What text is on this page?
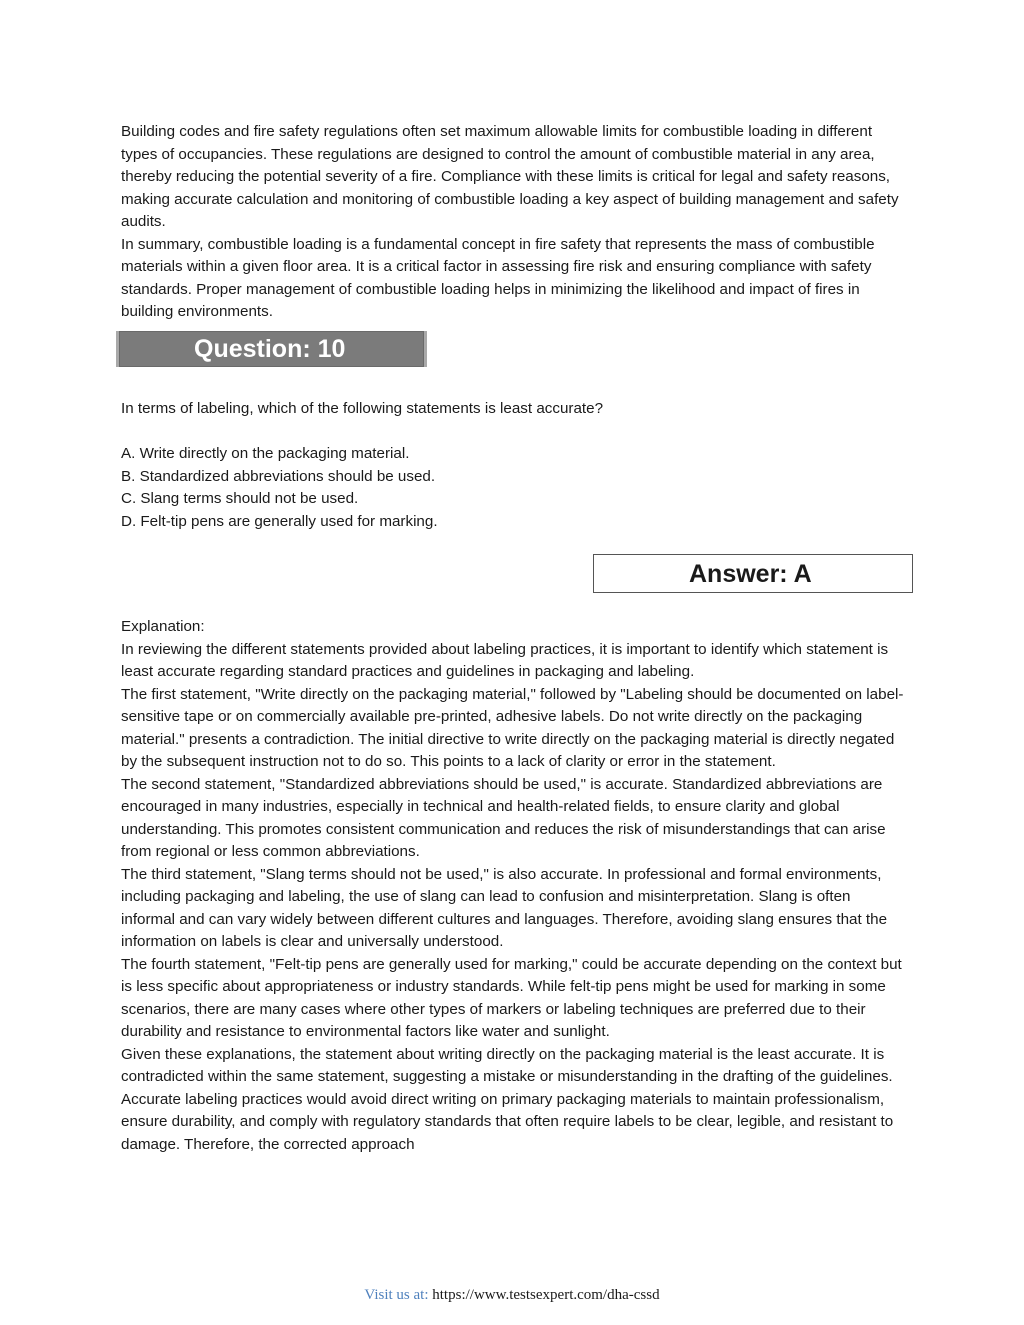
Building codes and fire safety regulations often set maximum allowable limits for combustible loading in different types of occupancies. These regulations are designed to control the amount of combustible material in any area, thereby reducing the potential severity of a fire. Compliance with these limits is critical for legal and safety reasons, making accurate calculation and monitoring of combustible loading a key aspect of building management and safety audits.

In summary, combustible loading is a fundamental concept in fire safety that represents the mass of combustible materials within a given floor area. It is a critical factor in assessing fire risk and ensuring compliance with safety standards. Proper management of combustible loading helps in minimizing the likelihood and impact of fires in building environments.

Question: 10

In terms of labeling, which of the following statements is least accurate?

A. Write directly on the packaging material.

B. Standardized abbreviations should be used.

C. Slang terms should not be used.

D. Felt-tip pens are generally used for marking.

Answer: A

Explanation:

In reviewing the different statements provided about labeling practices, it is important to identify which statement is least accurate regarding standard practices and guidelines in packaging and labeling.

The first statement, "Write directly on the packaging material," followed by "Labeling should be documented on label-sensitive tape or on commercially available pre-printed, adhesive labels. Do not write directly on the packaging material." presents a contradiction. The initial directive to write directly on the packaging material is directly negated by the subsequent instruction not to do so. This points to a lack of clarity or error in the statement.

The second statement, "Standardized abbreviations should be used," is accurate. Standardized abbreviations are encouraged in many industries, especially in technical and health-related fields, to ensure clarity and global understanding. This promotes consistent communication and reduces the risk of misunderstandings that can arise from regional or less common abbreviations.

The third statement, "Slang terms should not be used," is also accurate. In professional and formal environments, including packaging and labeling, the use of slang can lead to confusion and misinterpretation. Slang is often informal and can vary widely between different cultures and languages. Therefore, avoiding slang ensures that the information on labels is clear and universally understood.

The fourth statement, "Felt-tip pens are generally used for marking," could be accurate depending on the context but is less specific about appropriateness or industry standards. While felt-tip pens might be used for marking in some scenarios, there are many cases where other types of markers or labeling techniques are preferred due to their durability and resistance to environmental factors like water and sunlight.

Given these explanations, the statement about writing directly on the packaging material is the least accurate. It is contradicted within the same statement, suggesting a mistake or misunderstanding in the drafting of the guidelines. Accurate labeling practices would avoid direct writing on primary packaging materials to maintain professionalism, ensure durability, and comply with regulatory standards that often require labels to be clear, legible, and resistant to damage. Therefore, the corrected approach

Visit us at: https://www.testsexpert.com/dha-cssd
